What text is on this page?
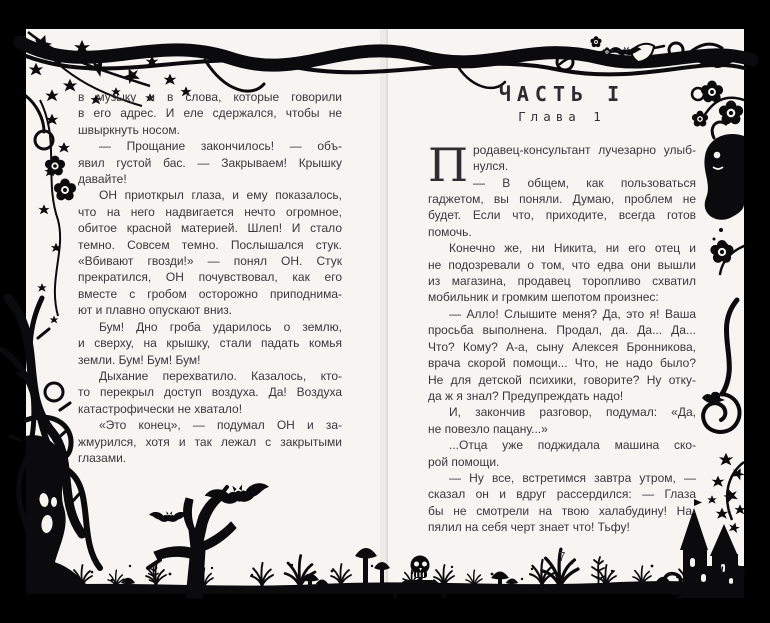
в музыку и в слова, которые говорили
в его адрес. И еле сдержался, чтобы не
швыркнуть носом.
— Прощание закончилось! — объ-
явил густой бас. — Закрываем! Крышку
давайте!
ОН приоткрыл глаза, и ему показалось,
что на него надвигается нечто огромное,
обитое красной материей. Шлеп! И стало
темно. Совсем темно. Послышался стук.
«Вбивают гвозди!» — понял ОН. Стук
прекратился, ОН почувствовал, как его
вместе с гробом осторожно приподнима-
ют и плавно опускают вниз.
Бум! Дно гроба ударилось о землю,
и сверху, на крышку, стали падать комья
земли. Бум! Бум! Бум!
Дыхание перехватило. Казалось, кто-
то перекрыл доступ воздуха. Да! Воздуха
катастрофически не хватало!
«Это конец», — подумал ОН и за-
жмурился, хотя и так лежал с закрытыми
глазами.
ЧАСТЬ I
Глава 1
П родавец-консультант лучезарно улыб-
нулся.
— В общем, как пользоваться
гаджетом, вы поняли. Думаю, проблем не
будет. Если что, приходите, всегда готов
помочь.
Конечно же, ни Никита, ни его отец и
не подозревали о том, что едва они вышли
из магазина, продавец торопливо схватил
мобильник и громким шепотом произнес:
— Алло! Слышите меня? Да, это я! Ваша
просьба выполнена. Продал, да. Да... Да...
Что? Кому? А-а, сыну Алексея Бронникова,
врача скорой помощи... Что, не надо было?
Не для детской психики, говорите? Ну отку-
да ж я знал? Предупреждать надо!
И, закончив разговор, подумал: «Да,
не повезло пацану...»
...Отца уже поджидала машина ско-
рой помощи.
— Ну все, встретимся завтра утром, —
сказал он и вдруг рассердился: — Глаза
бы не смотрели на твою халабудину! На-
пялил на себя черт знает что! Тьфу!
7
